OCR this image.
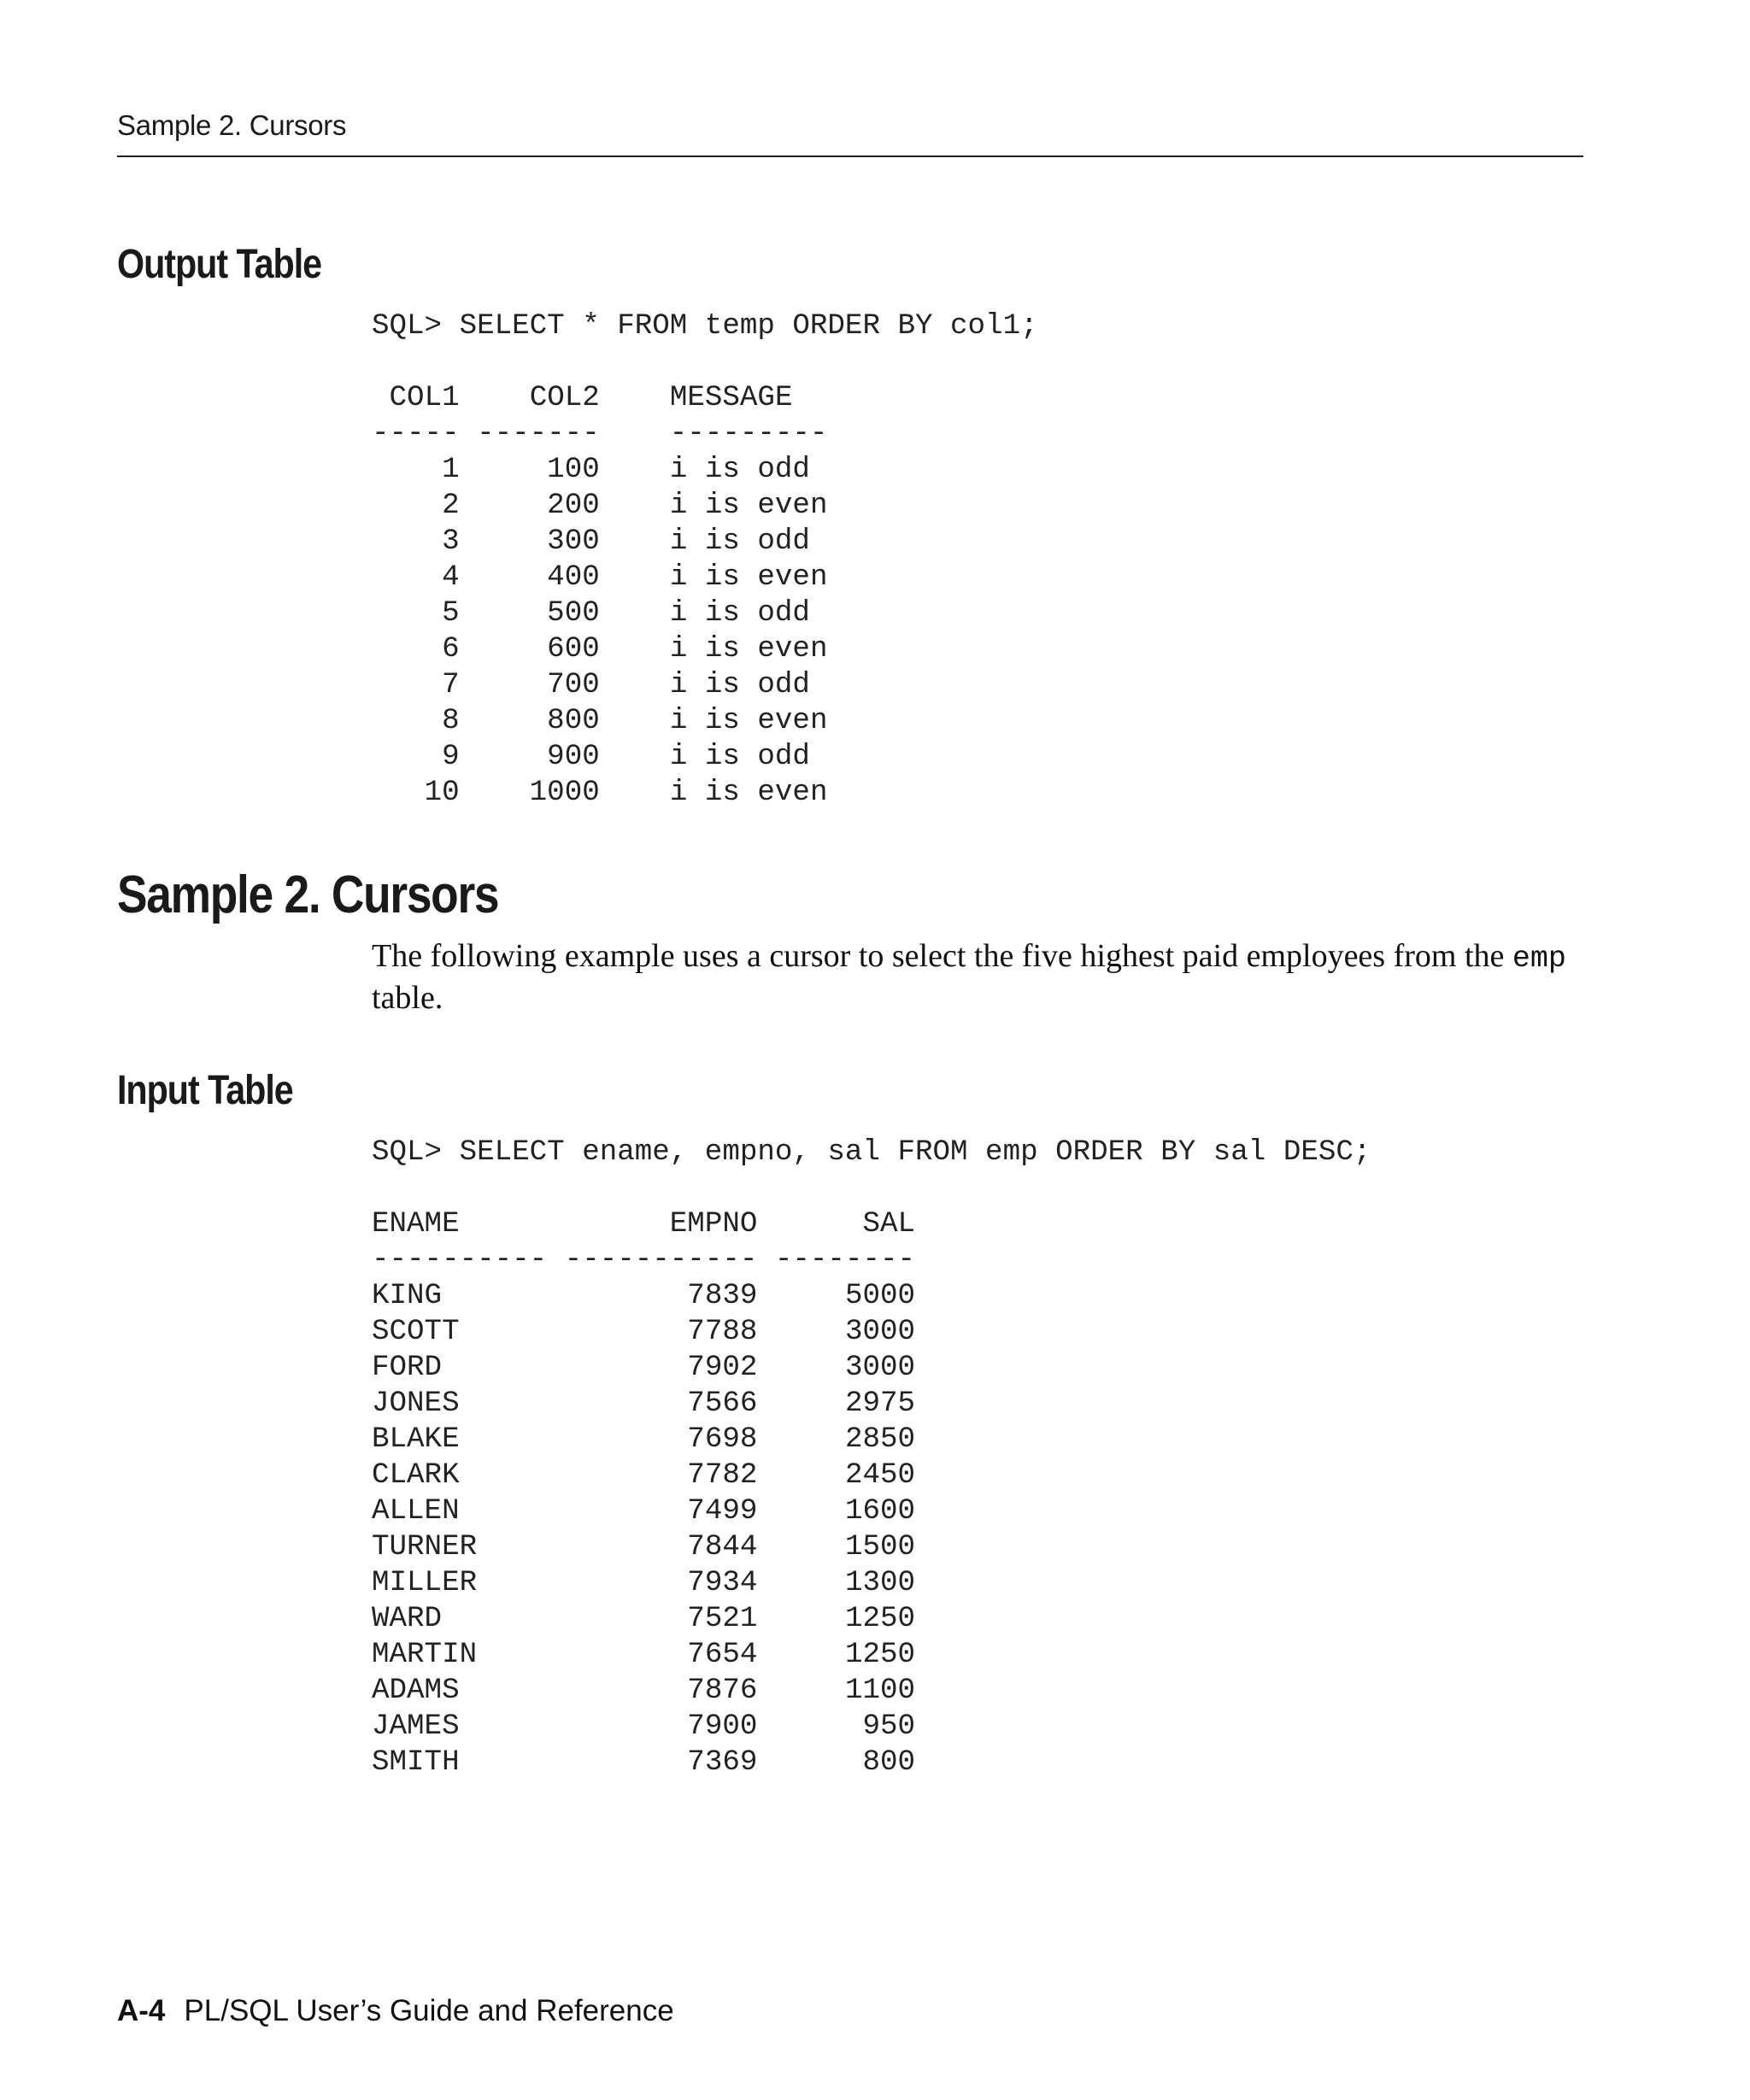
Sample 2. Cursors
Output Table
SQL> SELECT * FROM temp ORDER BY col1;
COL1 COL2 MESSAGE
----- -------    ---------
1     100 i is odd
2     200 i is even
3     300 i is odd
4     400 i is even
5     500 i is odd
6     600 i is even
7     700 i is odd
8     800 i is even
9     900 i is odd
10    1000 i is even
Sample 2. Cursors
The following example uses a cursor to select the five highest paid employees from the emp table.
Input Table
SQL> SELECT ename, empno, sal FROM emp ORDER BY sal DESC;
ENAME            EMPNO      SAL
---------- ----------- --------
KING              7839     5000
SCOTT             7788     3000
FORD              7902     3000
JONES             7566     2975
BLAKE             7698     2850
CLARK             7782     2450
ALLEN             7499     1600
TURNER            7844     1500
MILLER            7934     1300
WARD              7521     1250
MARTIN            7654     1250
ADAMS             7876     1100
JAMES             7900      950
SMITH             7369      800
A-4 PL/SQL User’s Guide and Reference
